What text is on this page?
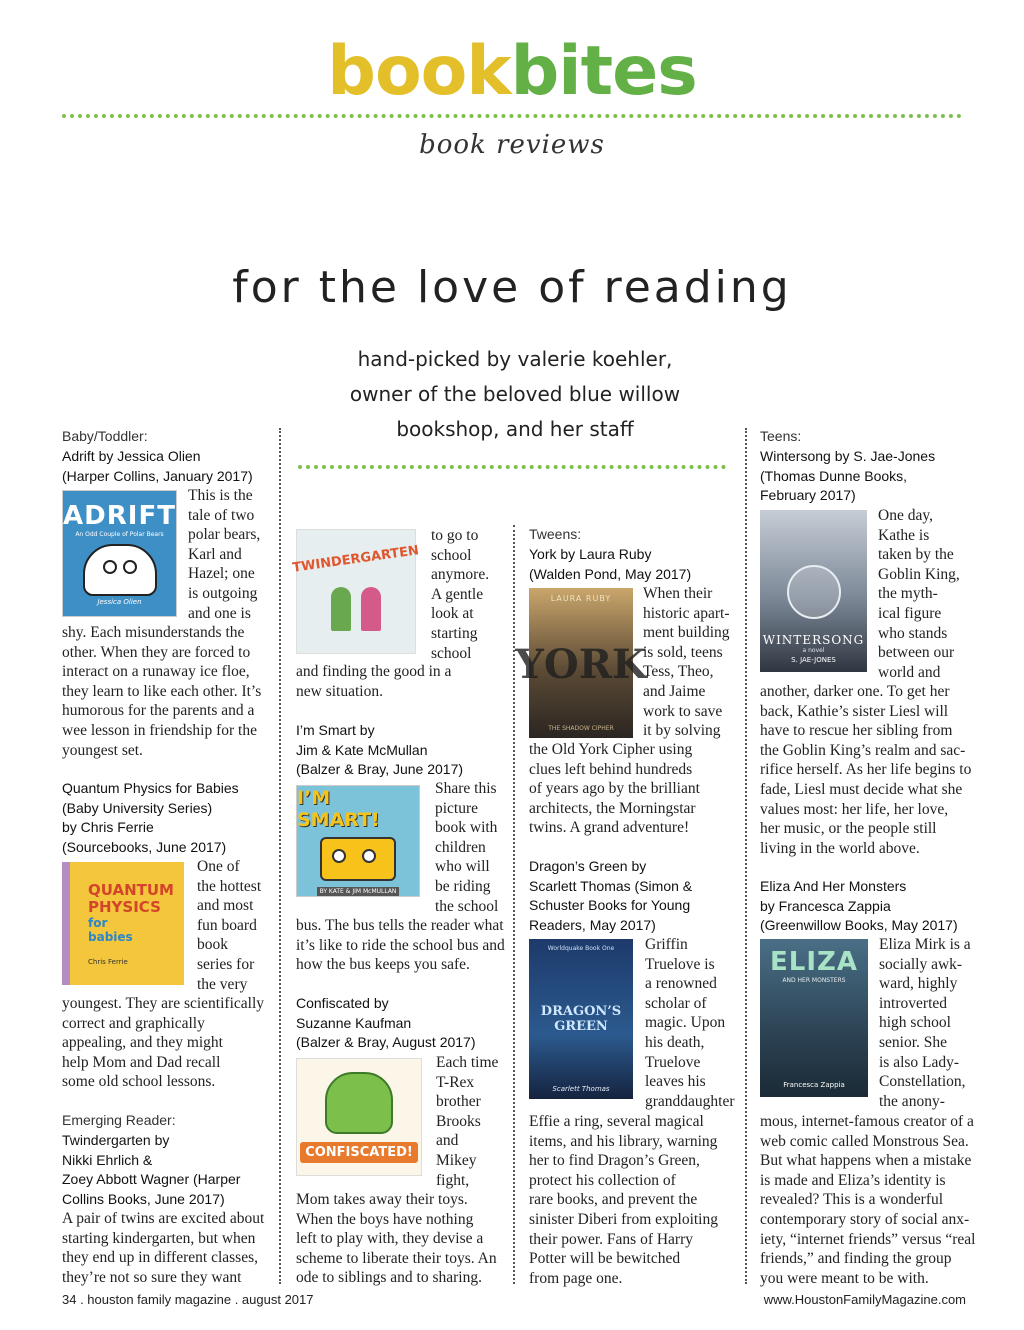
bookbites
book reviews
for the love of reading
hand-picked by valerie koehler,
owner of the beloved blue willow
bookshop, and her staff
Baby/Toddler:
Adrift by Jessica Olien
(Harper Collins, January 2017)
ADRIFT
An Odd Couple of Polar Bears
Jessica Olien
This is the
tale of two
polar bears,
Karl and
Hazel; one
is outgoing
and one is
shy. Each misunderstands the
other. When they are forced to
interact on a runaway ice floe,
they learn to like each other. It’s
humorous for the parents and a
wee lesson in friendship for the
youngest set.
Quantum Physics for Babies
(Baby University Series)
by Chris Ferrie
(Sourcebooks, June 2017)
QUANTUM
PHYSICS
for
babies
Chris Ferrie
One of
the hottest
and most
fun board
book
series for
the very
youngest. They are scientifically
correct and graphically
appealing, and they might
help Mom and Dad recall
some old school lessons.
Emerging Reader:
Twindergarten by
Nikki Ehrlich &
Zoey Abbott Wagner (Harper
Collins Books, June 2017)
A pair of twins are excited about
starting kindergarten, but when
they end up in different classes,
they’re not so sure they want
TWINDERGARTEN
to go to
school
anymore.
A gentle
look at
starting
school
and finding the good in a
new situation.
I’m Smart by
Jim & Kate McMullan
(Balzer & Bray, June 2017)
I’M SMART!
BY KATE & JIM McMULLAN
Share this
picture
book with
children
who will
be riding
the school
bus. The bus tells the reader what
it’s like to ride the school bus and
how the bus keeps you safe.
Confiscated by
Suzanne Kaufman
(Balzer & Bray, August 2017)
CONFISCATED!
Each time
T-Rex
brother
Brooks
and
Mikey
fight,
Mom takes away their toys.
When the boys have nothing
left to play with, they devise a
scheme to liberate their toys. An
ode to siblings and to sharing.
Tweens:
York by Laura Ruby
(Walden Pond, May 2017)
LAURA RUBY
YORK
THE SHADOW CIPHER
When their
historic apart-
ment building
is sold, teens
Tess, Theo,
and Jaime
work to save
it by solving
the Old York Cipher using
clues left behind hundreds
of years ago by the brilliant
architects, the Morningstar
twins. A grand adventure!
Dragon’s Green by
Scarlett Thomas (Simon &
Schuster Books for Young
Readers, May 2017)
Worldquake Book One
DRAGON’S
GREEN
Scarlett Thomas
Griffin
Truelove is
a renowned
scholar of
magic. Upon
his death,
Truelove
leaves his
granddaughter
Effie a ring, several magical
items, and his library, warning
her to find Dragon’s Green,
protect his collection of
rare books, and prevent the
sinister Diberi from exploiting
their power. Fans of Harry
Potter will be bewitched
from page one.
Teens:
Wintersong by S. Jae-Jones
(Thomas Dunne Books,
February 2017)
WINTERSONG
a novel
S. JAE-JONES
One day,
Kathe is
taken by the
Goblin King,
the myth-
ical figure
who stands
between our
world and
another, darker one. To get her
back, Kathie’s sister Liesl will
have to rescue her sibling from
the Goblin King’s realm and sac-
rifice herself. As her life begins to
fade, Liesl must decide what she
values most: her life, her love,
her music, or the people still
living in the world above.
Eliza And Her Monsters
by Francesca Zappia
(Greenwillow Books, May 2017)
ELIZA
AND HER MONSTERS
Francesca Zappia
Eliza Mirk is a
socially awk-
ward, highly
introverted
high school
senior. She
is also Lady-
Constellation,
the anony-
mous, internet-famous creator of a
web comic called Monstrous Sea.
But what happens when a mistake
is made and Eliza’s identity is
revealed? This is a wonderful
contemporary story of social anx-
iety, “internet friends” versus “real
friends,” and finding the group
you were meant to be with.
34 . houston family magazine . august 2017	www.HoustonFamilyMagazine.com
